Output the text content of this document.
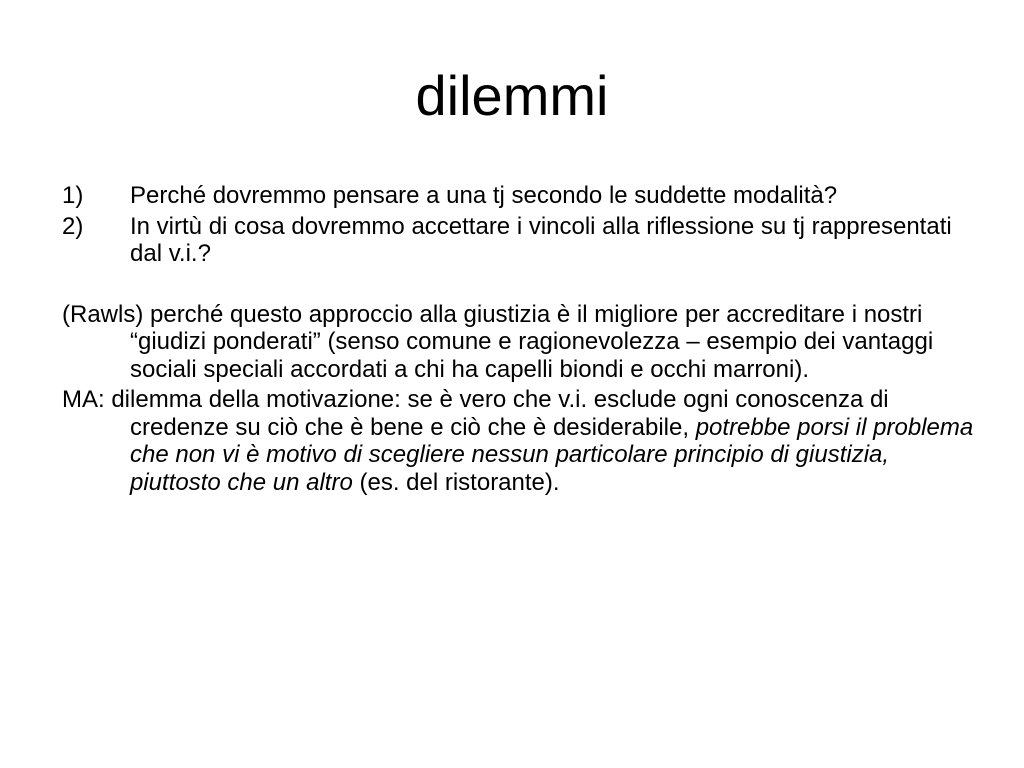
dilemmi
1) Perché dovremmo pensare a una tj secondo le suddette modalità?
2) In virtù di cosa dovremmo accettare i vincoli alla riflessione su tj rappresentati dal v.i.?

(Rawls) perché questo approccio alla giustizia è il migliore per accreditare i nostri “giudizi ponderati” (senso comune e ragionevolezza – esempio dei vantaggi sociali speciali accordati a chi ha capelli biondi e occhi marroni).

MA: dilemma della motivazione: se è vero che v.i. esclude ogni conoscenza di credenze su ciò che è bene e ciò che è desiderabile, potrebbe porsi il problema che non vi è motivo di scegliere nessun particolare principio di giustizia, piuttosto che un altro (es. del ristorante).
